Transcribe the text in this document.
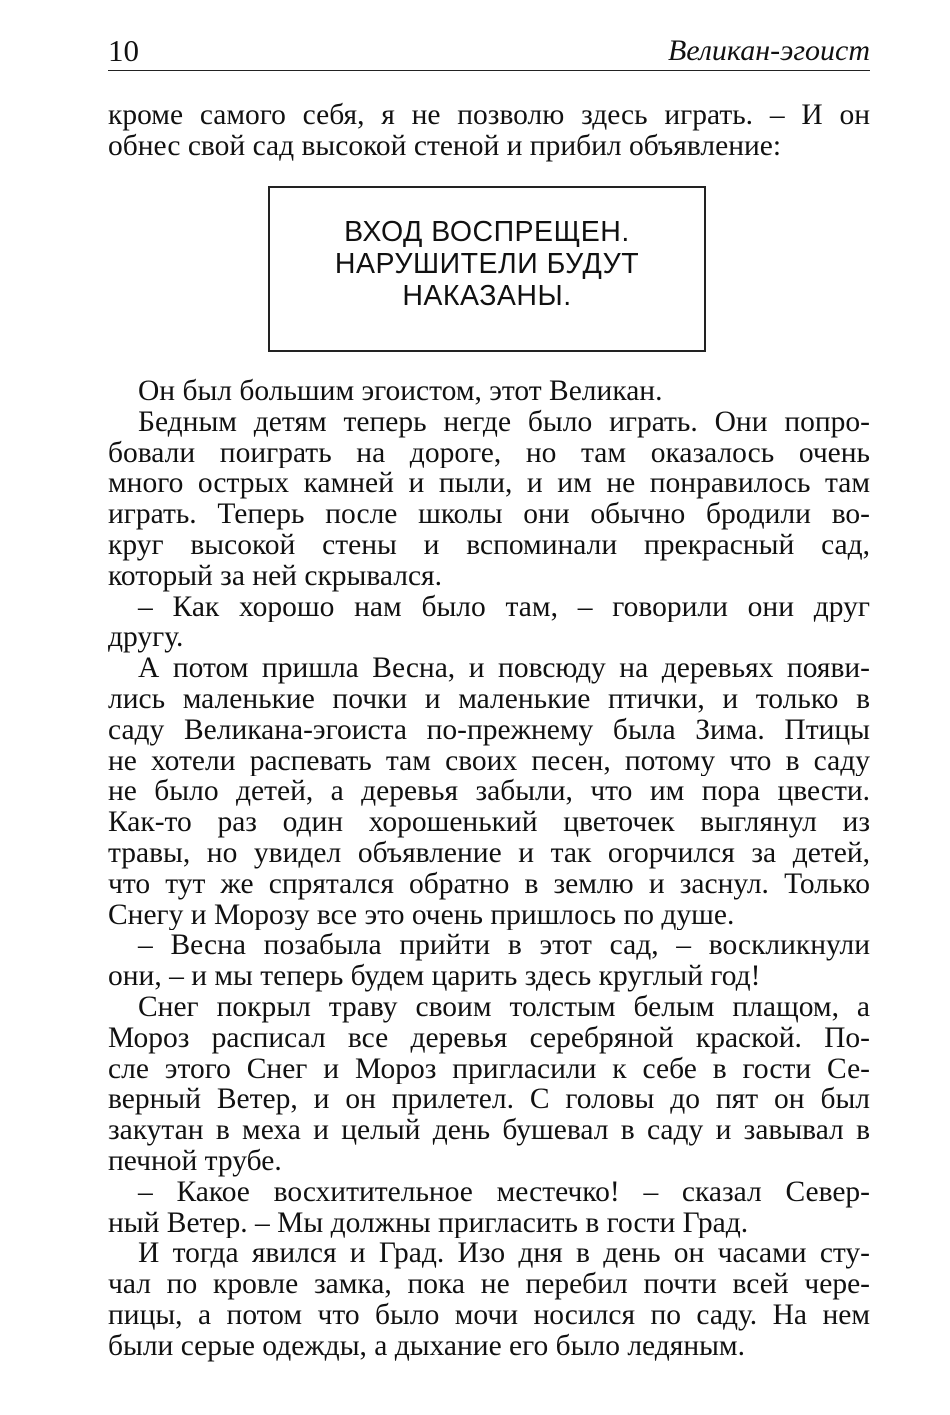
10	Великан-эгоист
кроме самого себя, я не позволю здесь играть. – И он
обнес свой сад высокой стеной и прибил объявление:
ВХОД ВОСПРЕЩЕН.
НАРУШИТЕЛИ БУДУТ
НАКАЗАНЫ.
Он был большим эгоистом, этот Великан.
Бедным детям теперь негде было играть. Они попро-
бовали поиграть на дороге, но там оказалось очень
много острых камней и пыли, и им не понравилось там
играть. Теперь после школы они обычно бродили во-
круг высокой стены и вспоминали прекрасный сад,
который за ней скрывался.
– Как хорошо нам было там, – говорили они друг
другу.
А потом пришла Весна, и повсюду на деревьях появи-
лись маленькие почки и маленькие птички, и только в
саду Великана-эгоиста по-прежнему была Зима. Птицы
не хотели распевать там своих песен, потому что в саду
не было детей, а деревья забыли, что им пора цвести.
Как-то раз один хорошенький цветочек выглянул из
травы, но увидел объявление и так огорчился за детей,
что тут же спрятался обратно в землю и заснул. Только
Снегу и Морозу все это очень пришлось по душе.
– Весна позабыла прийти в этот сад, – воскликнули
они, – и мы теперь будем царить здесь круглый год!
Снег покрыл траву своим толстым белым плащом, а
Мороз расписал все деревья серебряной краской. По-
сле этого Снег и Мороз пригласили к себе в гости Се-
верный Ветер, и он прилетел. С головы до пят он был
закутан в меха и целый день бушевал в саду и завывал в
печной трубе.
– Какое восхитительное местечко! – сказал Север-
ный Ветер. – Мы должны пригласить в гости Град.
И тогда явился и Град. Изо дня в день он часами сту-
чал по кровле замка, пока не перебил почти всей чере-
пицы, а потом что было мочи носился по саду. На нем
были серые одежды, а дыхание его было ледяным.
